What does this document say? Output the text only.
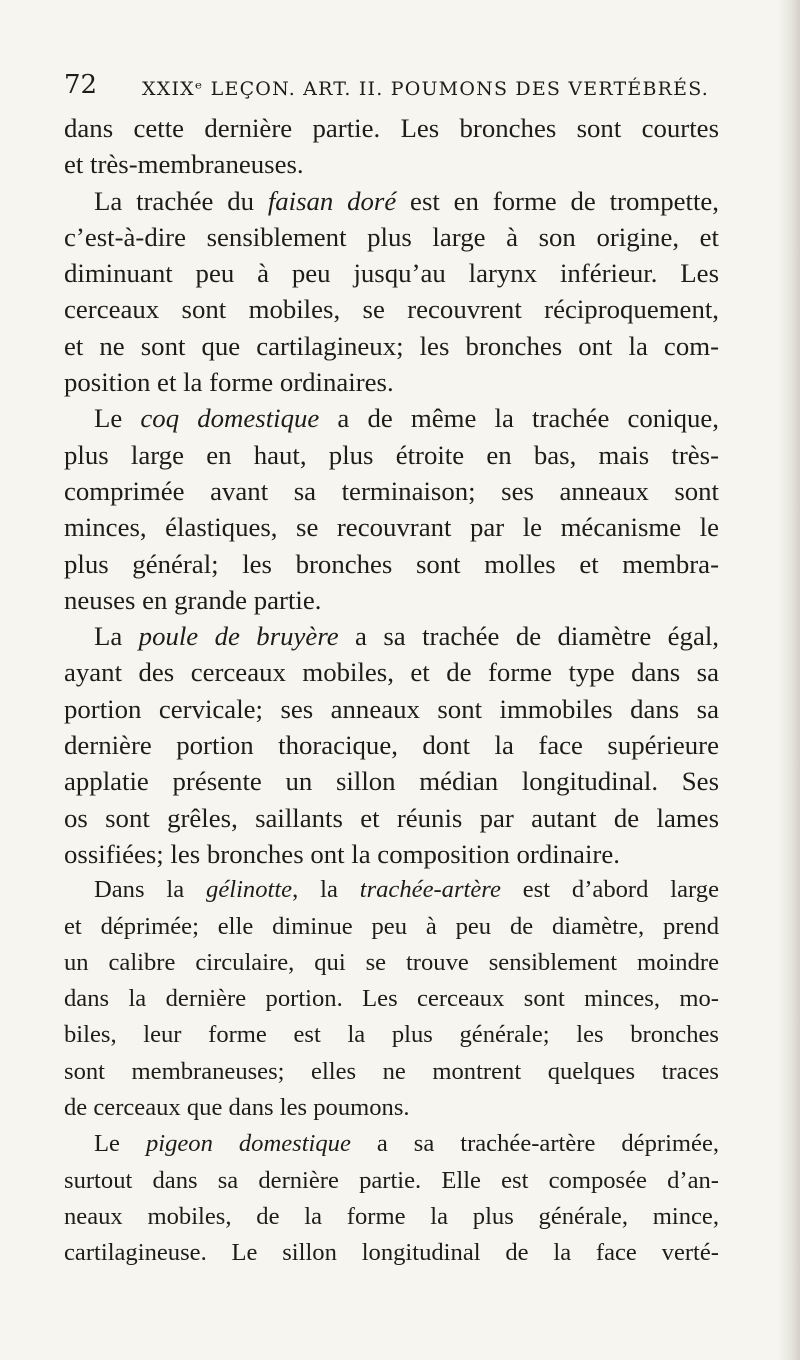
72 XXIXᵉ LEÇON. ART. II. POUMONS DES VERTÉBRÉS.
dans cette dernière partie. Les bronches sont courtes
et très-membraneuses.
La trachée du faisan doré est en forme de trompette,
c’est-à-dire sensiblement plus large à son origine, et
diminuant peu à peu jusqu’au larynx inférieur. Les
cerceaux sont mobiles, se recouvrent réciproquement,
et ne sont que cartilagineux; les bronches ont la com-
position et la forme ordinaires.
Le coq domestique a de même la trachée conique,
plus large en haut, plus étroite en bas, mais très-
comprimée avant sa terminaison; ses anneaux sont
minces, élastiques, se recouvrant par le mécanisme le
plus général; les bronches sont molles et membra-
neuses en grande partie.
La poule de bruyère a sa trachée de diamètre égal,
ayant des cerceaux mobiles, et de forme type dans sa
portion cervicale; ses anneaux sont immobiles dans sa
dernière portion thoracique, dont la face supérieure
applatie présente un sillon médian longitudinal. Ses
os sont grêles, saillants et réunis par autant de lames
ossifiées; les bronches ont la composition ordinaire.
Dans la gélinotte, la trachée-artère est d’abord large
et déprimée; elle diminue peu à peu de diamètre, prend
un calibre circulaire, qui se trouve sensiblement moindre
dans la dernière portion. Les cerceaux sont minces, mo-
biles, leur forme est la plus générale; les bronches
sont membraneuses; elles ne montrent quelques traces
de cerceaux que dans les poumons.
Le pigeon domestique a sa trachée-artère déprimée,
surtout dans sa dernière partie. Elle est composée d’an-
neaux mobiles, de la forme la plus générale, mince,
cartilagineuse. Le sillon longitudinal de la face verté-
